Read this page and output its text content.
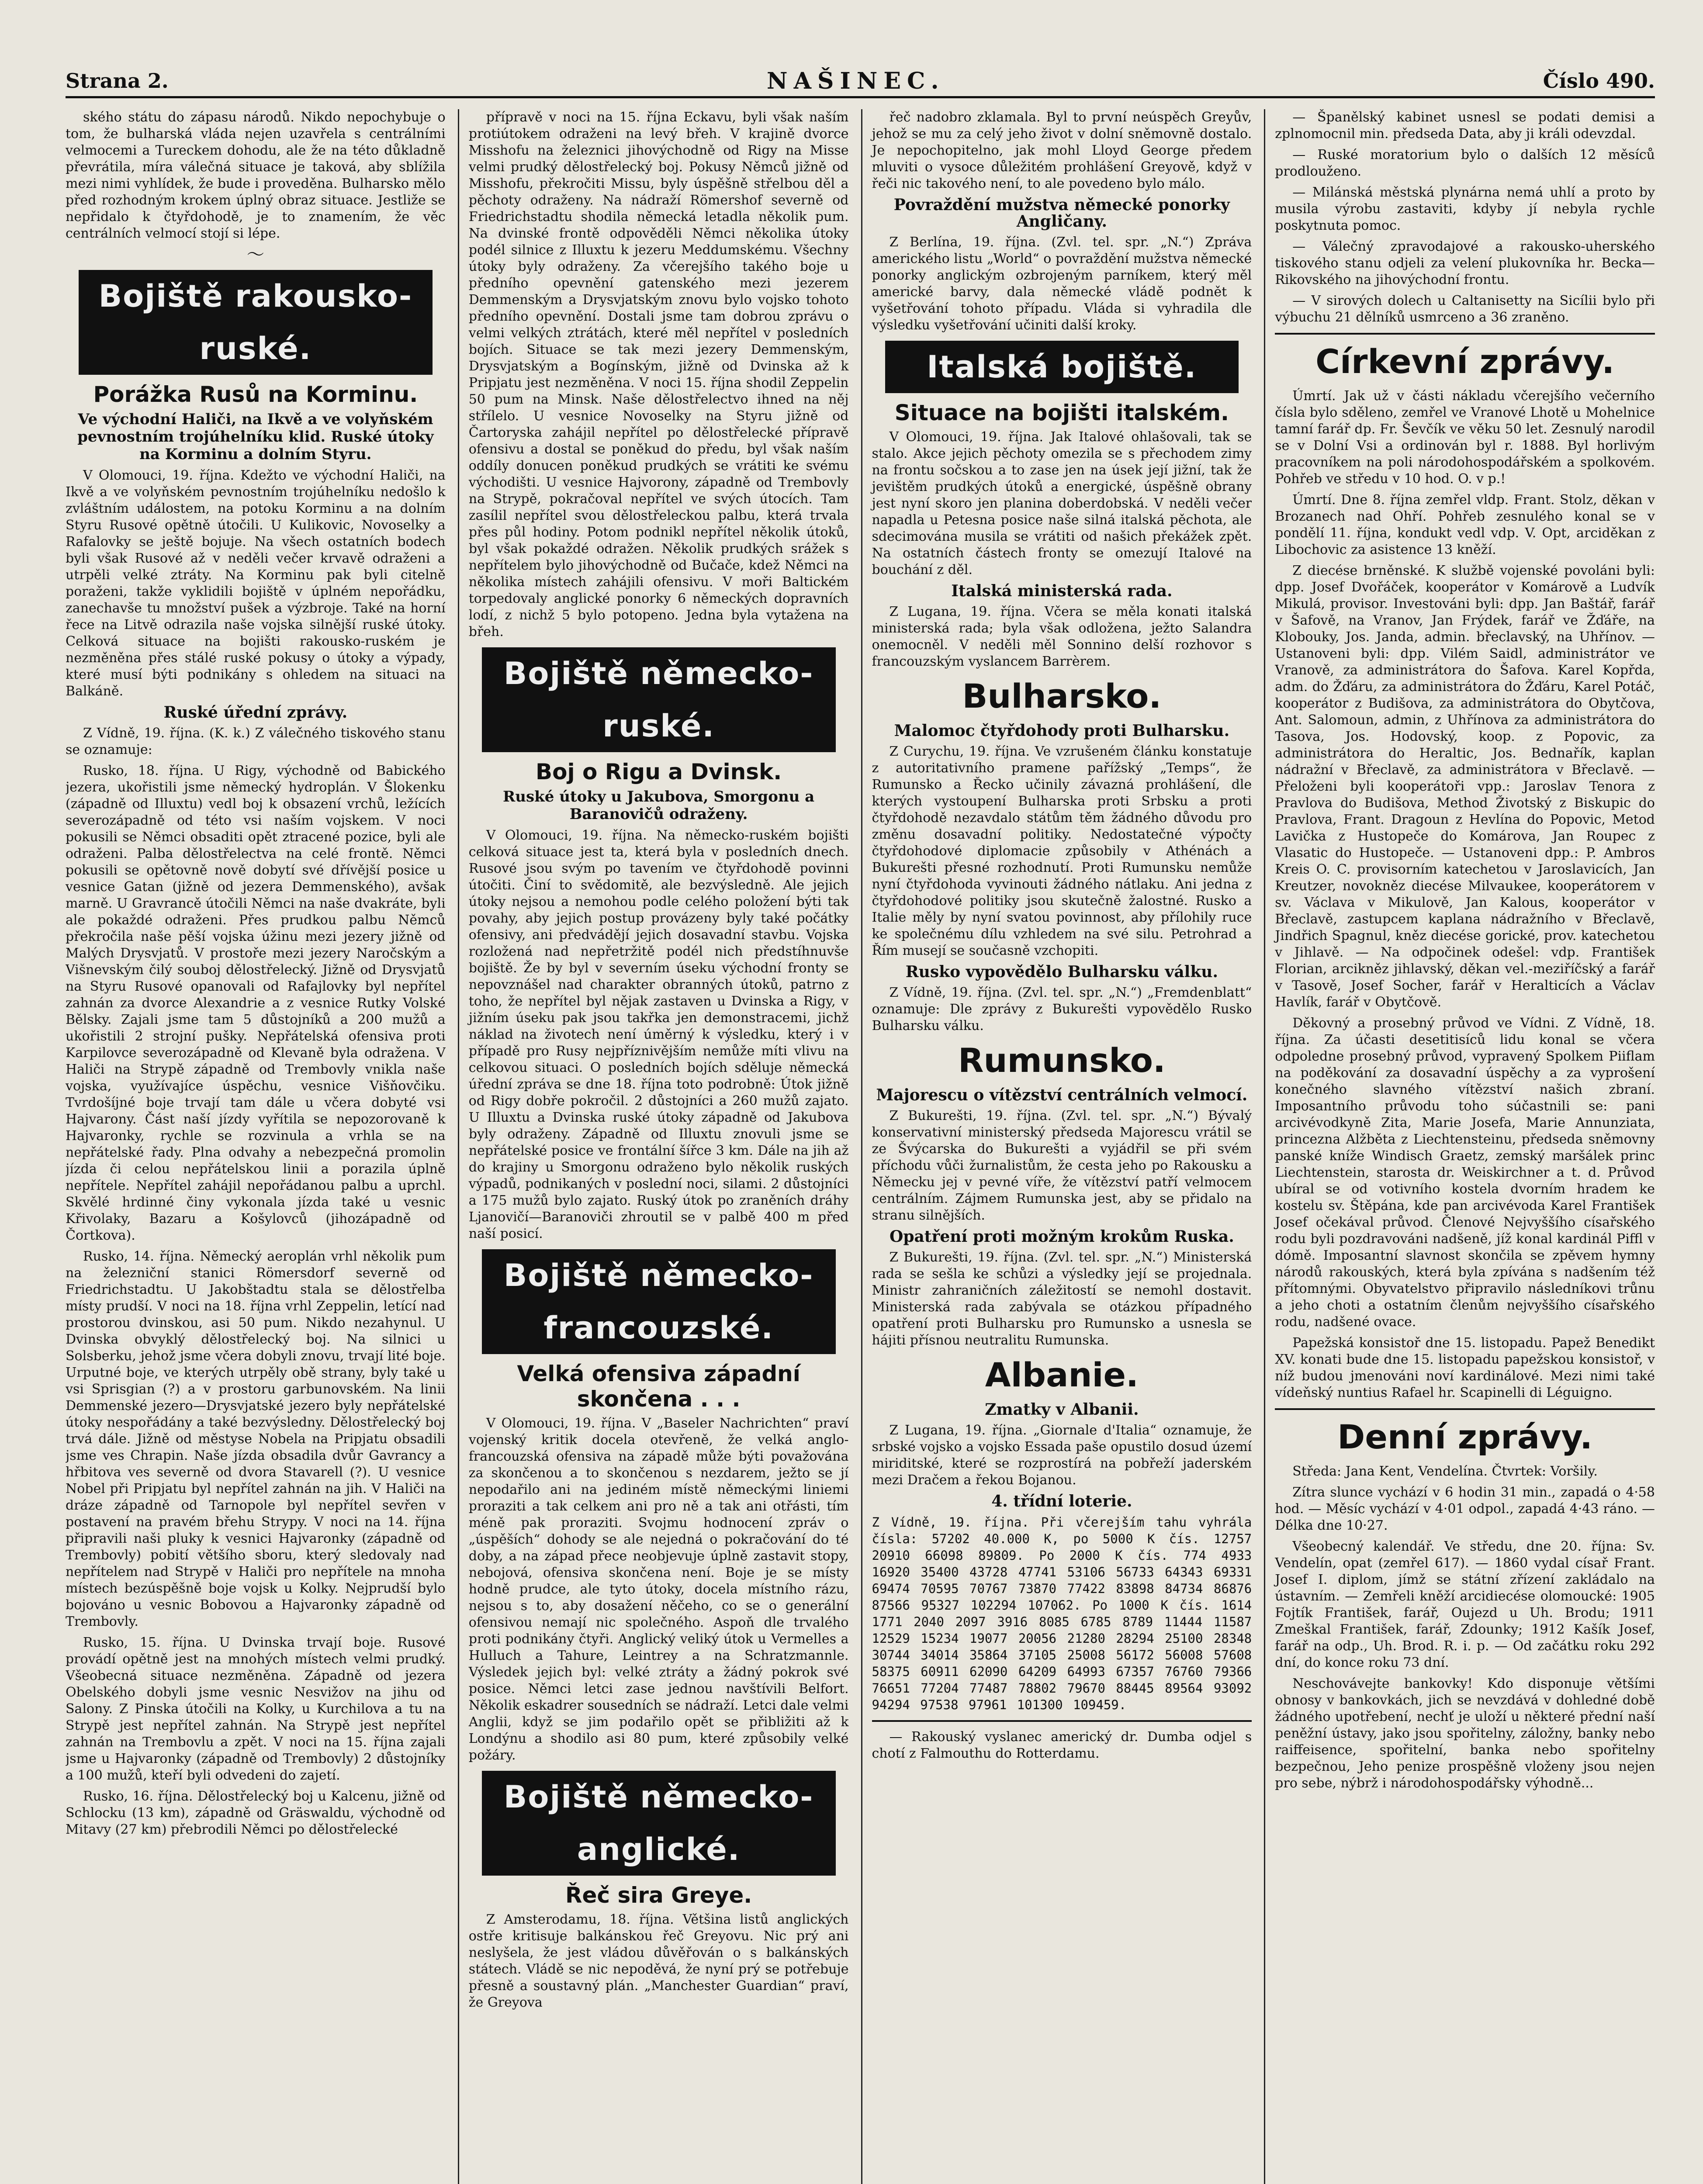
Strana 2.	NAŠINEC.	Číslo 490.

ského státu do zápasu národů. Nikdo nepochybuje o tom, že bulharská vláda nejen uzavřela s centrálními velmocemi a Tureckem dohodu, ale že na této důkladně převrátila, míra válečná situace je taková, aby sblížila mezi nimi vyhlídek, že bude i proveděna. Bulharsko mělo před rozhodným krokem úplný obraz situace. Jestliže se nepřidalo k čtyřdohodě, je to znamením, že věc centrálních velmocí stojí si lépe.

〜
Bojiště rakousko-ruské.
Porážka Rusů na Korminu.
Ve východní Haliči, na Ikvě a ve volyňském pevnostním trojúhelníku klid. Ruské útoky na Korminu a dolním Styru.

V Olomouci, 19. října. Kdežto ve východní Haliči, na Ikvě a ve volyňském pevnostním trojúhelníku nedošlo k zvláštním událostem, na potoku Korminu a na dolním Styru Rusové opětně útočili. U Kulikovic, Novoselky a Rafalovky se ještě bojuje. Na všech ostatních bodech byli však Rusové až v neděli večer krvavě odraženi a utrpěli velké ztráty. Na Korminu pak byli citelně poraženi, takže vyklidili bojiště v úplném nepořádku, zanechavše tu množství pušek a výzbroje. Také na horní řece na Litvě odrazila naše vojska silnější ruské útoky. Celková situace na bojišti rakousko-ruském je nezměněna přes stálé ruské pokusy o útoky a výpady, které musí býti podnikány s ohledem na situaci na Balkáně.

Ruské úřední zprávy.

Z Vídně, 19. října. (K. k.) Z válečného tiskového stanu se oznamuje:

Rusko, 18. října. U Rigy, východně od Babického jezera, ukořistili jsme německý hydroplán. V Šlokenku (západně od Illuxtu) vedl boj k obsazení vrchů, ležících severozápadně od této vsi naším vojskem. V noci pokusili se Němci obsaditi opět ztracené pozice, byli ale odraženi. Palba dělostřelectva na celé frontě. Němci pokusili se opětovně nově dobytí své dřívější posice u vesnice Gatan (jižně od jezera Demmenského), avšak marně. U Gravrancě útočili Němci na naše dvakráte, byli ale pokaždé odraženi. Přes prudkou palbu Němců překročila naše pěší vojska úžinu mezi jezery jižně od Malých Drysvjatů. V prostoře mezi jezery Naročským a Višnevským čilý souboj dělostřelecký. Jižně od Drysvjatů na Styru Rusové opanovali od Rafajlovky byl nepřítel zahnán za dvorce Alexandrie a z vesnice Rutky Volské Bělsky. Zajali jsme tam 5 důstojníků a 200 mužů a ukořistili 2 strojní pušky. Nepřátelská ofensiva proti Karpilovce severozápadně od Klevaně byla odražena. V Haliči na Strypě západně od Trembovly vnikla naše vojska, využívajíce úspěchu, vesnice Višňovčiku. Tvrdošíjné boje trvají tam dále u včera dobyté vsi Hajvarony. Část naší jízdy vyřítila se nepozorovaně k Hajvaronky, rychle se rozvinula a vrhla se na nepřátelské řady. Plna odvahy a nebezpečná promolin jízda či celou nepřátelskou linii a porazila úplně nepřítele. Nepřítel zahájil nepořádanou palbu a uprchl. Skvělé hrdinné činy vykonala jízda také u vesnic Křivolaky, Bazaru a Košylovců (jihozápadně od Čortkova).

Rusko, 14. října. Německý aeroplán vrhl několik pum na železniční stanici Römersdorf severně od Friedrichstadtu. U Jakobštadtu stala se dělostřelba místy prudší. V noci na 18. října vrhl Zeppelin, letící nad prostorou dvinskou, asi 50 pum. Nikdo nezahynul. U Dvinska obvyklý dělostřelecký boj. Na silnici u Solsberku, jehož jsme včera dobyli znovu, trvají lité boje. Urputné boje, ve kterých utrpěly obě strany, byly také u vsi Sprisgian (?) a v prostoru garbunovském. Na linii Demmenské jezero—Drysvjatské jezero byly nepřátelské útoky nespořádány a také bezvýsledny. Dělostřelecký boj trvá dále. Jižně od městyse Nobela na Pripjatu obsadili jsme ves Chrapin. Naše jízda obsadila dvůr Gavrancy a hřbitova ves severně od dvora Stavarell (?). U vesnice Nobel při Pripjatu byl nepřítel zahnán na jih. V Haliči na dráze západně od Tarnopole byl nepřítel sevřen v postavení na pravém břehu Strypy. V noci na 14. října připravili naši pluky k vesnici Hajvaronky (západně od Trembovly) pobití většího sboru, který sledovaly nad nepřítelem nad Strypě v Haliči pro nepřítele na mnoha místech bezúspěšně boje vojsk u Kolky. Nejprudší bylo bojováno u vesnic Bobovou a Hajvaronky západně od Trembovly.

Rusko, 15. října. U Dvinska trvají boje. Rusové provádí opětně jest na mnohých místech velmi prudký. Všeobecná situace nezměněna. Západně od jezera Obelského dobyli jsme vesnic Nesvižov na jihu od Salony. Z Pinska útočili na Kolky, u Kurchilova a tu na Strypě jest nepřítel zahnán. Na Strypě jest nepřítel zahnán na Trembovlu a zpět. V noci na 15. října zajali jsme u Hajvaronky (západně od Trembovly) 2 důstojníky a 100 mužů, kteří byli odvedeni do zajetí.

Rusko, 16. října. Dělostřelecký boj u Kalcenu, jižně od Schlocku (13 km), západně od Gräswaldu, východně od Mitavy (27 km) přebrodili Němci po dělostřelecké

přípravě v noci na 15. října Eckavu, byli však naším protiútokem odraženi na levý břeh. V krajině dvorce Misshofu na železnici jihovýchodně od Rigy na Misse velmi prudký dělostřelecký boj. Pokusy Němců jižně od Misshofu, překročiti Missu, byly úspěšně střelbou děl a pěchoty odraženy. Na nádraží Römershof severně od Friedrichstadtu shodila německá letadla několik pum. Na dvinské frontě odpověděli Němci několika útoky podél silnice z Illuxtu k jezeru Meddumskému. Všechny útoky byly odraženy. Za včerejšího takého boje u předního opevnění gatenského mezi jezerem Demmenským a Drysvjatským znovu bylo vojsko tohoto předního opevnění. Dostali jsme tam dobrou zprávu o velmi velkých ztrátách, které měl nepřítel v posledních bojích. Situace se tak mezi jezery Demmenským, Drysvjatským a Bogínským, jižně od Dvinska až k Pripjatu jest nezměněna. V noci 15. října shodil Zeppelin 50 pum na Minsk. Naše dělostřelectvo ihned na něj střílelo. U vesnice Novoselky na Styru jižně od Čartoryska zahájil nepřítel po dělostřelecké přípravě ofensivu a dostal se poněkud do předu, byl však naším oddíly donucen poněkud prudkých se vrátiti ke svému východišti. U vesnice Hajvorony, západně od Trembovly na Strypě, pokračoval nepřítel ve svých útocích. Tam zasílil nepřítel svou dělostřeleckou palbu, která trvala přes půl hodiny. Potom podnikl nepřítel několik útoků, byl však pokaždé odražen. Několik prudkých srážek s nepřítelem bylo jihovýchodně od Bučače, kdež Němci na několika místech zahájili ofensivu. V moři Baltickém torpedovaly anglické ponorky 6 německých dopravních lodí, z nichž 5 bylo potopeno. Jedna byla vytažena na břeh.

Bojiště německo-ruské.
Boj o Rigu a Dvinsk.
Ruské útoky u Jakubova, Smorgonu a Baranovičů odraženy.

V Olomouci, 19. října. Na německo-ruském bojišti celková situace jest ta, která byla v posledních dnech. Rusové jsou svým po tavením ve čtyřdohodě povinni útočiti. Činí to svědomitě, ale bezvýsledně. Ale jejich útoky nejsou a nemohou podle celého položení býti tak povahy, aby jejich postup provázeny byly také počátky ofensivy, ani předvádějí jejich dosavadní stavbu. Vojska rozložená nad nepřetržitě podél nich předstíhnuvše bojiště. Že by byl v severním úseku východní fronty se nepovznášel nad charakter obranných útoků, patrno z toho, že nepřítel byl nějak zastaven u Dvinska a Rigy, v jižním úseku pak jsou takřka jen demonstracemi, jichž náklad na životech není úměrný k výsledku, který i v případě pro Rusy nejpříznivějším nemůže míti vlivu na celkovou situaci. O posledních bojích sděluje německá úřední zpráva se dne 18. října toto podrobně: Útok jižně od Rigy dobře pokročil. 2 důstojníci a 260 mužů zajato. U Illuxtu a Dvinska ruské útoky západně od Jakubova byly odraženy. Západně od Illuxtu znovuli jsme se nepřátelské posice ve frontální šířce 3 km. Dále na jih až do krajiny u Smorgonu odraženo bylo několik ruských výpadů, podnikaných v poslední noci, silami. 2 důstojníci a 175 mužů bylo zajato. Ruský útok po zraněních dráhy Ljanovičí—Baranoviči zhroutil se v palbě 400 m před naší posicí.

Bojiště německo-francouzské.
Velká ofensiva západní skončena . . .

V Olomouci, 19. října. V „Baseler Nachrichten“ praví vojenský kritik docela otevřeně, že velká anglo-francouzská ofensiva na západě může býti považována za skončenou a to skončenou s nezdarem, ježto se jí nepodařilo ani na jediném místě německými liniemi proraziti a tak celkem ani pro ně a tak ani otřásti, tím méně pak proraziti. Svojmu hodnocení zpráv o „úspěších“ dohody se ale nejedná o pokračování do té doby, a na západ přece neobjevuje úplně zastavit stopy, nebojová, ofensiva skončena není. Boje je se místy hodně prudce, ale tyto útoky, docela místního rázu, nejsou s to, aby dosažení něčeho, co se o generální ofensivou nemají nic společného. Aspoň dle trvalého proti podnikány čtyři. Anglický veliký útok u Vermelles a Hulluch a Tahure, Leintrey a na Schratzmannle. Výsledek jejich byl: velké ztráty a žádný pokrok své posice. Němci letci zase jednou navštívili Belfort. Několik eskadrer sousedních se nádraží. Letci dale velmi Anglii, když se jim podařilo opět se přibližiti až k Londýnu a shodilo asi 80 pum, které způsobily velké požáry.

Bojiště německo-anglické.
Řeč sira Greye.

Z Amsterodamu, 18. října. Většina listů anglických ostře kritisuje balkánskou řeč Greyovu. Nic prý ani neslyšela, že jest vládou důvěřován o s balkánských státech. Vládě se nic nepoděvá, že nyní prý se potřebuje přesně a soustavný plán. „Manchester Guardian“ praví, že Greyova

řeč nadobro zklamala. Byl to první neúspěch Greyův, jehož se mu za celý jeho život v dolní sněmovně dostalo. Je nepochopitelno, jak mohl Lloyd George předem mluviti o vysoce důležitém prohlášení Greyově, když v řeči nic takového není, to ale povedeno bylo málo.

Povraždění mužstva německé ponorky Angličany.

Z Berlína, 19. října. (Zvl. tel. spr. „N.“) Zpráva amerického listu „World“ o povraždění mužstva německé ponorky anglickým ozbrojeným parníkem, který měl americké barvy, dala německé vládě podnět k vyšetřování tohoto případu. Vláda si vyhradila dle výsledku vyšetřování učiniti další kroky.

Italská bojiště.
Situace na bojišti italském.

V Olomouci, 19. října. Jak Italové ohlašovali, tak se stalo. Akce jejich pěchoty omezila se s přechodem zimy na frontu sočskou a to zase jen na úsek její jižní, tak že jevištěm prudkých útoků a energické, úspěšně obrany jest nyní skoro jen planina doberdobská. V neděli večer napadla u Petesna posice naše silná italská pěchota, ale sdecimována musila se vrátiti od našich překážek zpět. Na ostatních částech fronty se omezují Italové na bouchání z děl.

Italská ministerská rada.

Z Lugana, 19. října. Včera se měla konati italská ministerská rada; byla však odložena, ježto Salandra onemocněl. V neděli měl Sonnino delší rozhovor s francouzským vyslancem Barrèrem.

Bulharsko.
Malomoc čtyřdohody proti Bulharsku.

Z Curychu, 19. října. Ve vzrušeném článku konstatuje z autoritativního pramene pařížský „Temps“, že Rumunsko a Řecko učinily závazná prohlášení, dle kterých vystoupení Bulharska proti Srbsku a proti čtyřdohodě nezavdalo státům těm žádného důvodu pro změnu dosavadní politiky. Nedostatečné výpočty čtyřdohodové diplomacie způsobily v Athénách a Bukurešti přesné rozhodnutí. Proti Rumunsku nemůže nyní čtyřdohoda vyvinouti žádného nátlaku. Ani jedna z čtyřdohodové politiky jsou skutečně žalostné. Rusko a Italie měly by nyní svatou povinnost, aby přílohily ruce ke společnému dílu vzhledem na své silu. Petrohrad a Řím musejí se současně vzchopiti.

Rusko vypovědělo Bulharsku válku.

Z Vídně, 19. října. (Zvl. tel. spr. „N.“) „Fremdenblatt“ oznamuje: Dle zprávy z Bukurešti vypovědělo Rusko Bulharsku válku.

Rumunsko.
Majorescu o vítězství centrálních velmocí.

Z Bukurešti, 19. října. (Zvl. tel. spr. „N.“) Bývalý konservativní ministerský předseda Majorescu vrátil se ze Švýcarska do Bukurešti a vyjádřil se při svém příchodu vůči žurnalistům, že cesta jeho po Rakousku a Německu jej v pevné víře, že vítězství patří velmocem centrálním. Zájmem Rumunska jest, aby se přidalo na stranu silnějších.

Opatření proti možným krokům Ruska.

Z Bukurešti, 19. října. (Zvl. tel. spr. „N.“) Ministerská rada se sešla ke schůzi a výsledky její se projednala. Ministr zahraničních záležitostí se nemohl dostavit. Ministerská rada zabývala se otázkou případného opatření proti Bulharsku pro Rumunsko a usnesla se hájiti přísnou neutralitu Rumunska.

Albanie.
Zmatky v Albanii.

Z Lugana, 19. října. „Giornale d'Italia“ oznamuje, že srbské vojsko a vojsko Essada paše opustilo dosud území miriditské, které se rozprostírá na pobřeží jaderském mezi Dračem a řekou Bojanou.

4. třídní loterie.

Z Vídně, 19. října. Při včerejším tahu vyhrála čísla: 57202 40.000 K, po 5000 K čís. 12757 20910 66098 89809. Po 2000 K čís. 774 4933 16920 35400 43728 47741 53106 56733 64343 69331 69474 70595 70767 73870 77422 83898 84734 86876 87566 95327 102294 107062. Po 1000 K čís. 1614 1771 2040 2097 3916 8085 6785 8789 11444 11587 12529 15234 19077 20056 21280 28294 25100 28348 30744 34014 35864 37105 25008 56172 56008 57608 58375 60911 62090 64209 64993 67357 76760 79366 76651 77204 77487 78802 79670 88445 89564 93092 94294 97538 97961 101300 109459.

— Rakouský vyslanec americký dr. Dumba odjel s chotí z Falmouthu do Rotterdamu.

— Španělský kabinet usnesl se podati demisi a zplnomocnil min. předseda Data, aby ji králi odevzdal.

— Ruské moratorium bylo o dalších 12 měsíců prodlouženo.

— Milánská městská plynárna nemá uhlí a proto by musila výrobu zastaviti, kdyby jí nebyla rychle poskytnuta pomoc.

— Válečný zpravodajové a rakousko-uherského tiskového stanu odjeli za velení plukovníka hr. Becka—Rikovského na jihovýchodní frontu.

— V sirových dolech u Caltanisetty na Sicílii bylo při výbuchu 21 dělníků usmrceno a 36 zraněno.

Církevní zprávy.

Úmrtí. Jak už v části nákladu včerejšího večerního čísla bylo sděleno, zemřel ve Vranové Lhotě u Mohelnice tamní farář dp. Fr. Ševčík ve věku 50 let. Zesnulý narodil se v Dolní Vsi a ordinován byl r. 1888. Byl horlivým pracovníkem na poli národohospodářském a spolkovém. Pohřeb ve středu v 10 hod. O. v p.!

Úmrtí. Dne 8. října zemřel vldp. Frant. Stolz, děkan v Brozanech nad Ohří. Pohřeb zesnulého konal se v pondělí 11. října, kondukt vedl vdp. V. Opt, arciděkan z Libochovic za asistence 13 kněží.

Z diecése brněnské. K službě vojenské povoláni byli: dpp. Josef Dvořáček, kooperátor v Komárově a Ludvík Mikulá, provisor. Investováni byli: dpp. Jan Baštář, farář v Šafově, na Vranov, Jan Frýdek, farář ve Žďáře, na Klobouky, Jos. Janda, admin. břeclavský, na Uhřínov. — Ustanoveni byli: dpp. Vilém Saidl, administrátor ve Vranově, za administrátora do Šafova. Karel Kopřda, adm. do Žďáru, za administrátora do Žďáru, Karel Potáč, kooperátor z Budišova, za administrátora do Obytčova, Ant. Salomoun, admin, z Uhřínova za administrátora do Tasova, Jos. Hodovský, koop. z Popovic, za administrátora do Heraltic, Jos. Bednařík, kaplan nádražní v Břeclavě, za administrátora v Břeclavě. — Přeloženi byli kooperátoři vpp.: Jaroslav Tenora z Pravlova do Budišova, Method Životský z Biskupic do Pravlova, Frant. Dragoun z Hevlína do Popovic, Metod Lavička z Hustopeče do Komárova, Jan Roupec z Vlasatic do Hustopeče. — Ustanoveni dpp.: P. Ambros Kreis O. C. provisorním katechetou v Jaroslavicích, Jan Kreutzer, novokněz diecése Milvaukee, kooperátorem v sv. Václava v Mikulově, Jan Kalous, kooperátor v Břeclavě, zastupcem kaplana nádražního v Břeclavě, Jindřich Spagnul, kněz diecése gorické, prov. katechetou v Jihlavě. — Na odpočinek odešel: vdp. František Florian, arcikněz jihlavský, děkan vel.-meziříčský a farář v Tasově, Josef Socher, farář v Heralticích a Václav Havlík, farář v Obytčově.

Děkovný a prosebný průvod ve Vídni. Z Vídně, 18. října. Za účasti desetitisíců lidu konal se včera odpoledne prosebný průvod, vypravený Spolkem Piiflam na poděkování za dosavadní úspěchy a za vyprošení konečného slavného vítězství našich zbraní. Imposantního průvodu toho súčastnili se: pani arcivévodkyně Zita, Marie Josefa, Marie Annunziata, princezna Alžběta z Liechtensteinu, předseda sněmovny panské kníže Windisch Graetz, zemský maršálek princ Liechtenstein, starosta dr. Weiskirchner a t. d. Průvod ubíral se od votivního kostela dvorním hradem ke kostelu sv. Štěpána, kde pan arcivévoda Karel František Josef očekával průvod. Členové Nejvyššího císařského rodu byli pozdravováni nadšeně, jíž konal kardinál Piffl v dómě. Imposantní slavnost skončila se zpěvem hymny národů rakouských, která byla zpívána s nadšením též přítomnými. Obyvatelstvo připravilo následníkovi trůnu a jeho choti a ostatním členům nejvyššího císařského rodu, nadšené ovace.

Papežská konsistoř dne 15. listopadu. Papež Benedikt XV. konati bude dne 15. listopadu papežskou konsistoř, v níž budou jmenováni noví kardinálové. Mezi nimi také vídeňský nuntius Rafael hr. Scapinelli di Léguigno.

Denní zprávy.

Středa: Jana Kent, Vendelína. Čtvrtek: Voršily.

Zítra slunce vychází v 6 hodin 31 min., zapadá o 4·58 hod. — Měsíc vychází v 4·01 odpol., zapadá 4·43 ráno. — Délka dne 10·27.

Všeobecný kalendář. Ve středu, dne 20. října: Sv. Vendelín, opat (zemřel 617). — 1860 vydal císař Frant. Josef I. diplom, jímž se státní zřízení zakládalo na ústavním. — Zemřeli kněží arcidiecése olomoucké: 1905 Fojtík František, farář, Oujezd u Uh. Brodu; 1911 Zmeškal František, farář, Zdounky; 1912 Kašík Josef, farář na odp., Uh. Brod. R. i. p. — Od začátku roku 292 dní, do konce roku 73 dní.

Neschovávejte bankovky! Kdo disponuje většími obnosy v bankovkách, jich se nevzdává v dohledné době žádného upotřebení, nechť je uloží u některé přední naší peněžní ústavy, jako jsou spořitelny, záložny, banky nebo raiffeisence, spořitelní, banka nebo spořitelny bezpečnou, Jeho penize prospěšně vloženy jsou nejen pro sebe, nýbrž i národohospodářsky výhodně...
